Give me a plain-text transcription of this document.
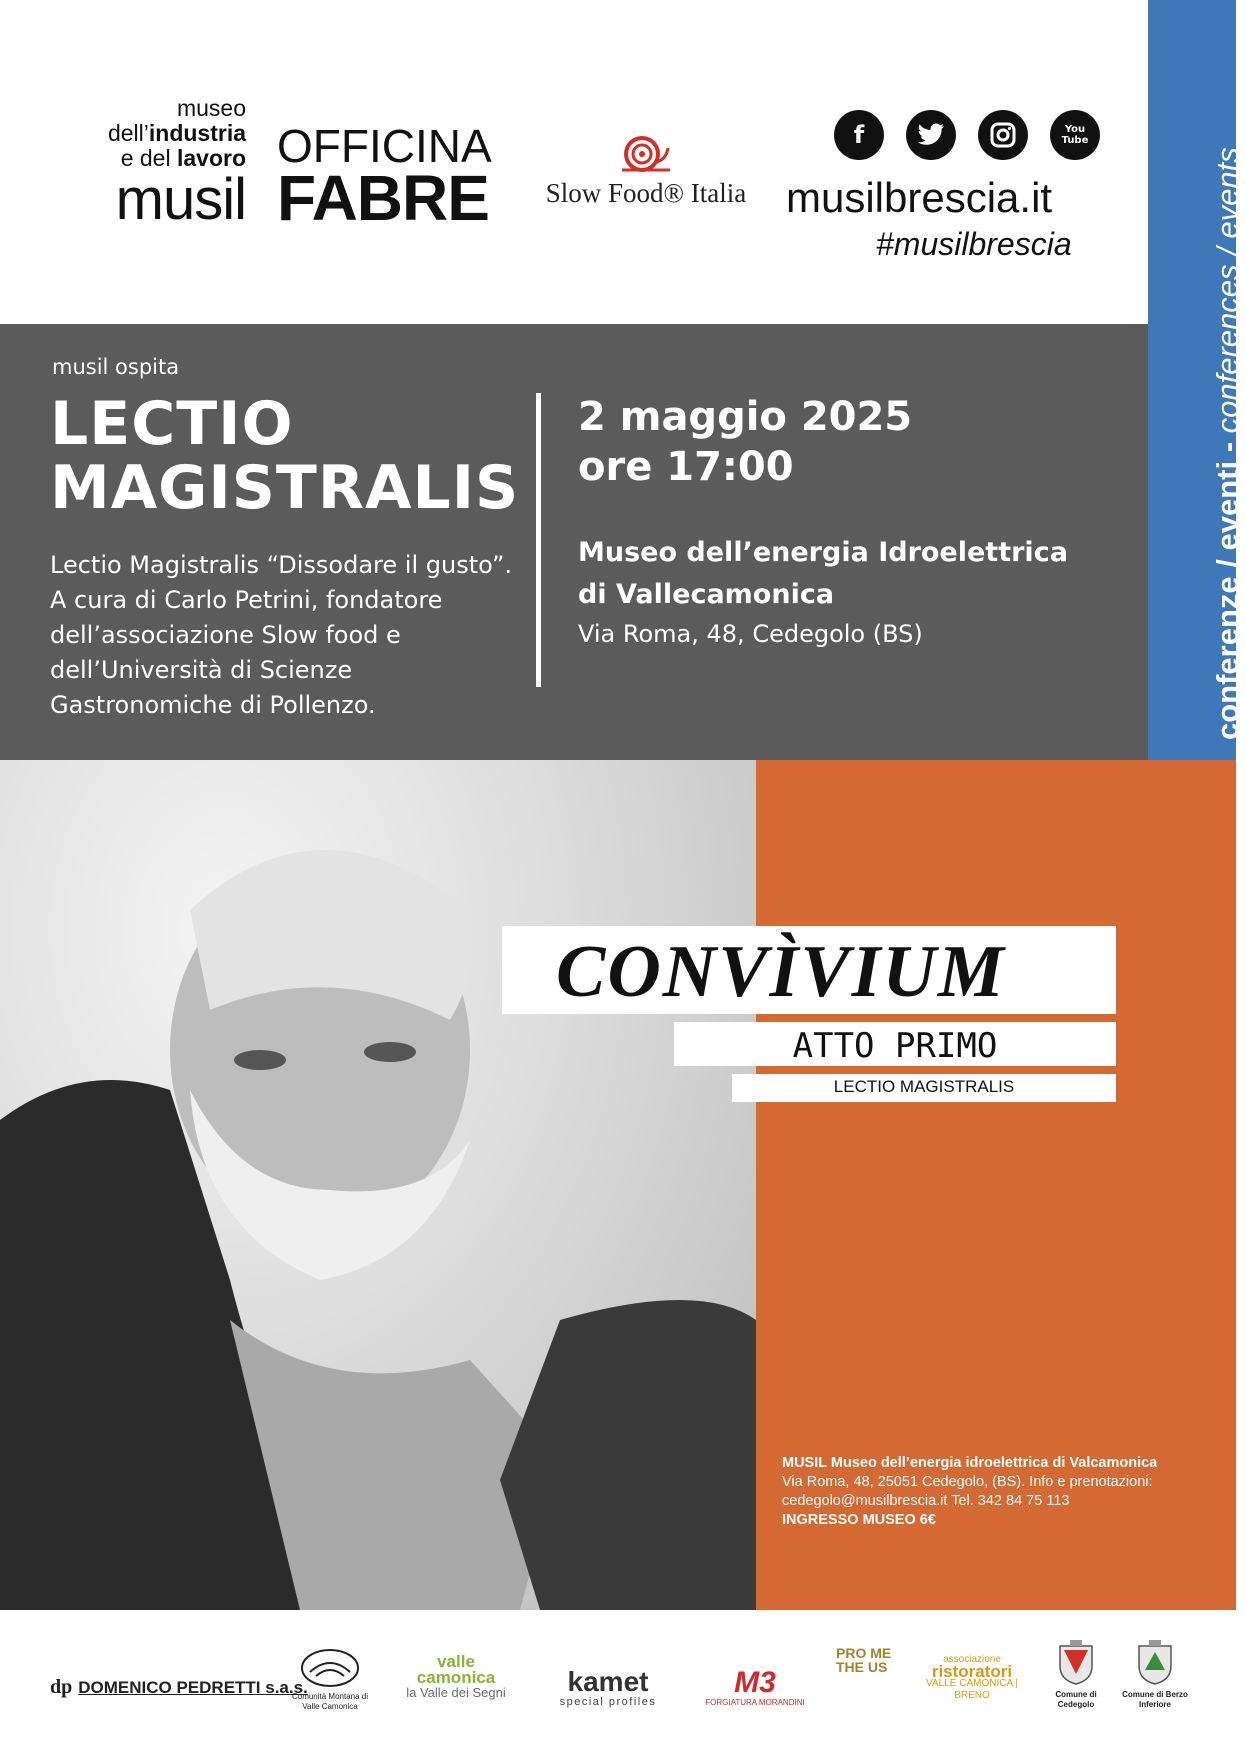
museo
dell’industria
e del lavoro
musil
OFFICINA
FABRE	Slow Food® Italia
f	You Tube
musilbrescia.it
#musilbrescia
conferenze / eventi - conferences / events
musil ospita
LECTIO
MAGISTRALIS
Lectio Magistralis “Dissodare il gusto”. A cura di Carlo Petrini, fondatore dell’associazione Slow food e dell’Università di Scienze Gastronomiche di Pollenzo.
2 maggio 2025
ore 17:00
Museo dell’energia Idroelettrica
di Vallecamonica
Via Roma, 48, Cedegolo (BS)
CONVÌVIUM
ATTO PRIMO
LECTIO MAGISTRALIS
MUSIL Museo dell’energia idroelettrica di Valcamonica
Via Roma, 48, 25051 Cedegolo, (BS). Info e prenotazioni:
cedegolo@musilbrescia.it Tel. 342 84 75 113
INGRESSO MUSEO 6€
dp DOMENICO PEDRETTI s.a.s.
Comunità Montana di Valle Camonica
valle camonica
la Valle dei Segni	kamet
special profiles
M3
FORGIATURA MORANDINI
PRO ME THE US	associazione
ristoratori
VALLE CAMONICA | BRENO	Comune di Cedegolo
Comune di Berzo Inferiore
